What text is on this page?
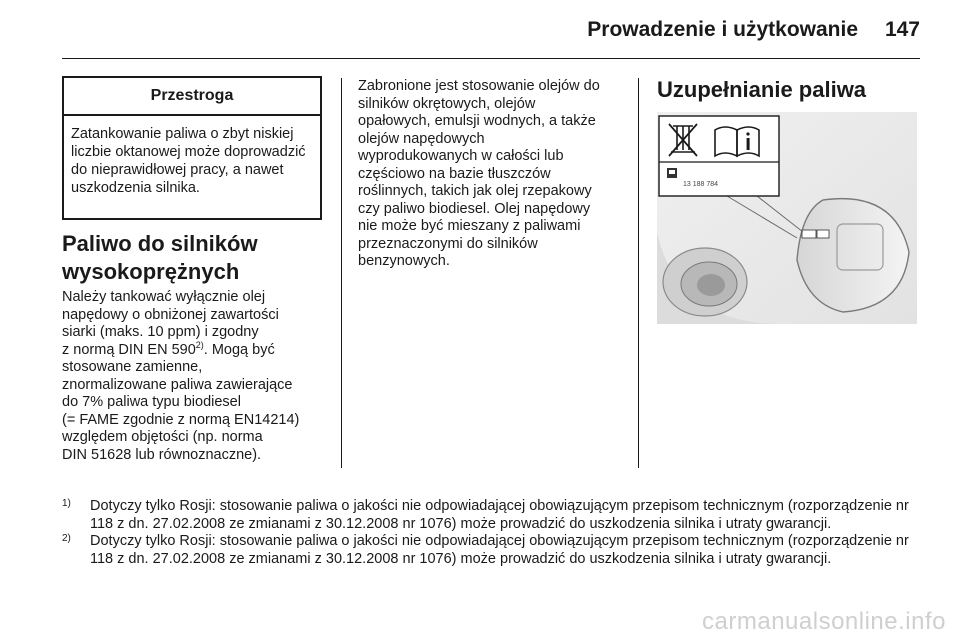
Prowadzenie i użytkowanie 147
Przestroga
Zatankowanie paliwa o zbyt niskiej liczbie oktanowej może doprowadzić do nieprawidłowej pracy, a nawet uszkodzenia silnika.
Paliwo do silników
wysokoprężnych
Należy tankować wyłącznie olej
napędowy o obniżonej zawartości
siarki (maks. 10 ppm) i zgodny
z normą DIN EN 590$^{2)}$. Mogą być
stosowane zamienne,
znormalizowane paliwa zawierające
do 7% paliwa typu biodiesel
(= FAME zgodnie z normą EN14214)
względem objętości (np. norma
DIN 51628 lub równoznaczne).
Zabronione jest stosowanie olejów do
silników okrętowych, olejów
opałowych, emulsji wodnych, a także
olejów napędowych
wyprodukowanych w całości lub
częściowo na bazie tłuszczów
roślinnych, takich jak olej rzepakowy
czy paliwo biodiesel. Olej napędowy
nie może być mieszany z paliwami
przeznaczonymi do silników
benzynowych.
Uzupełnianie paliwa
13 188 784
1) Dotyczy tylko Rosji: stosowanie paliwa o jakości nie odpowiadającej obowiązującym przepisom technicznym (rozporządzenie nr 118 z dn. 27.02.2008 ze zmianami z 30.12.2008 nr 1076) może prowadzić do uszkodzenia silnika i utraty gwarancji.
2) Dotyczy tylko Rosji: stosowanie paliwa o jakości nie odpowiadającej obowiązującym przepisom technicznym (rozporządzenie nr 118 z dn. 27.02.2008 ze zmianami z 30.12.2008 nr 1076) może prowadzić do uszkodzenia silnika i utraty gwarancji.
carmanualsonline.info
